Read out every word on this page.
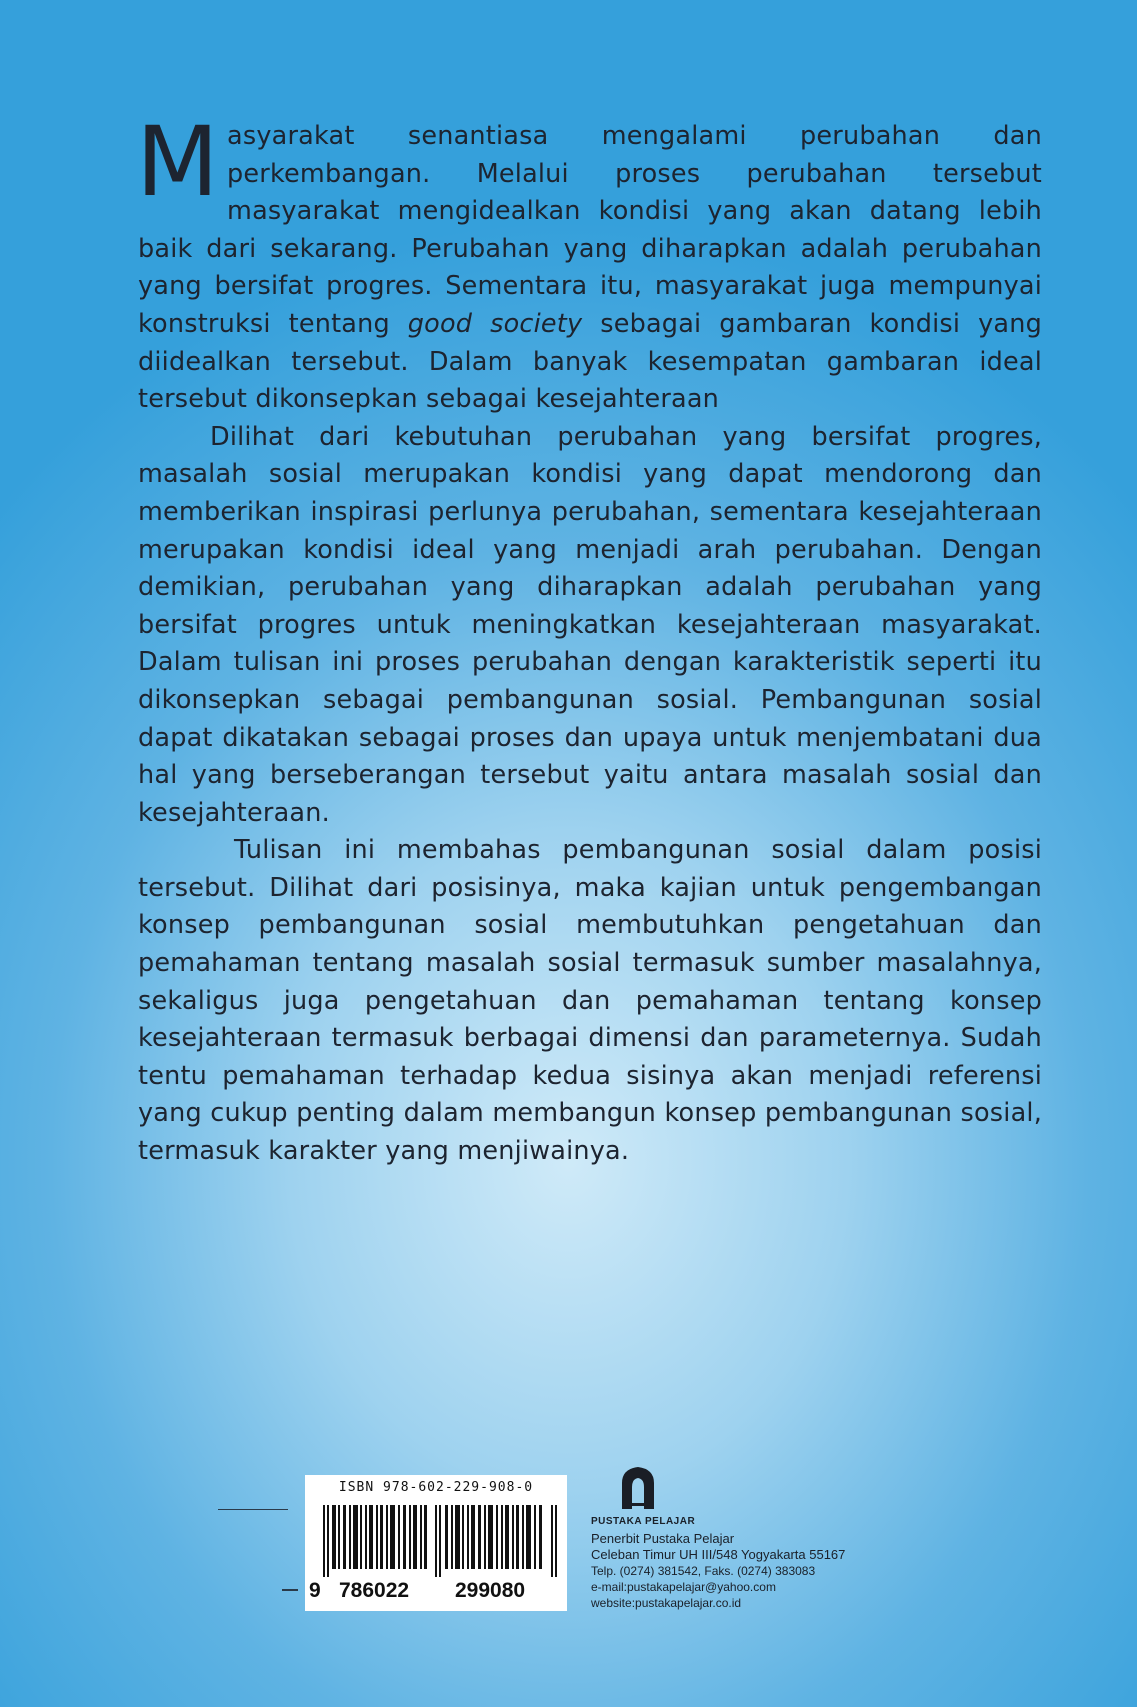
Masyarakat senantiasa mengalami perubahan dan perkembangan. Melalui proses perubahan tersebut masyarakat mengidealkan kondisi yang akan datang lebih baik dari sekarang. Perubahan yang diharapkan adalah perubahan yang bersifat progres. Sementara itu, masyarakat juga mempunyai konstruksi tentang good society sebagai gambaran kondisi yang diidealkan tersebut. Dalam banyak kesempatan gambaran ideal tersebut dikonsepkan sebagai kesejahteraan

Dilihat dari kebutuhan perubahan yang bersifat progres, masalah sosial merupakan kondisi yang dapat mendorong dan memberikan inspirasi perlunya perubahan, sementara kesejahteraan merupakan kondisi ideal yang menjadi arah perubahan. Dengan demikian, perubahan yang diharapkan adalah perubahan yang bersifat progres untuk meningkatkan kesejahteraan masyarakat. Dalam tulisan ini proses perubahan dengan karakteristik seperti itu dikonsepkan sebagai pembangunan sosial. Pembangunan sosial dapat dikatakan sebagai proses dan upaya untuk menjembatani dua hal yang berseberangan tersebut yaitu antara masalah sosial dan kesejahteraan.

Tulisan ini membahas pembangunan sosial dalam posisi tersebut. Dilihat dari posisinya, maka kajian untuk pengembangan konsep pembangunan sosial membutuhkan pengetahuan dan pemahaman tentang masalah sosial termasuk sumber masalahnya, sekaligus juga pengetahuan dan pemahaman tentang konsep kesejahteraan termasuk berbagai dimensi dan parameternya. Sudah tentu pemahaman terhadap kedua sisinya akan menjadi referensi yang cukup penting dalam membangun konsep pembangunan sosial, termasuk karakter yang menjiwainya.

ISBN 978-602-229-908-0
9 786022 299080
PUSTAKA PELAJAR
Penerbit Pustaka Pelajar
Celeban Timur UH III/548 Yogyakarta 55167
Telp. (0274) 381542, Faks. (0274) 383083
e-mail:pustakapelajar@yahoo.com
website:pustakapelajar.co.id
